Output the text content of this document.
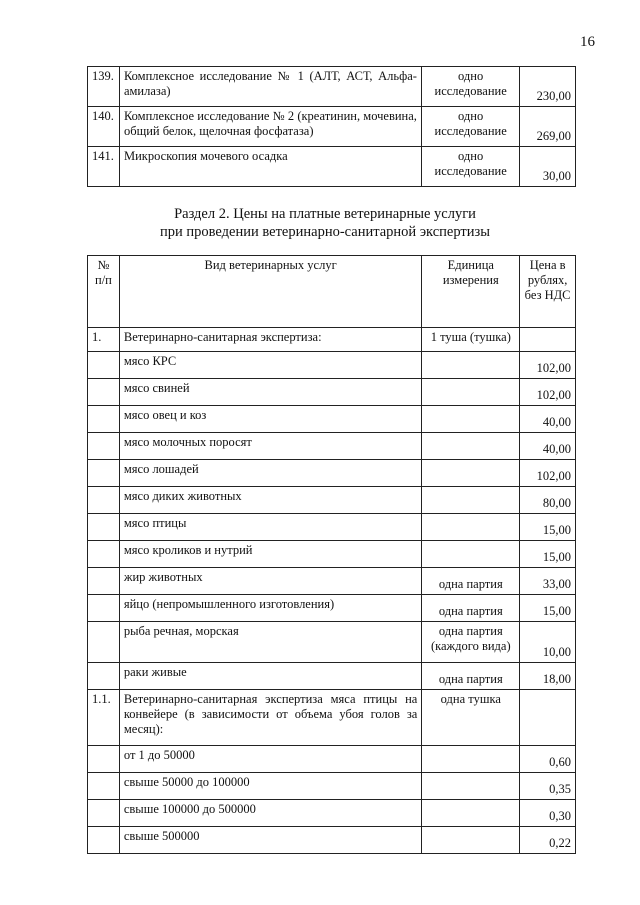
16
139.	Комплексное исследование № 1 (АЛТ, АСТ, Альфа-амилаза)	одно исследование	230,00
140.	Комплексное исследование № 2 (креатинин, мочевина, общий белок, щелочная фосфатаза)	одно исследование	269,00
141.	Микроскопия мочевого осадка	одно исследование	30,00
Раздел 2. Цены на платные ветеринарные услуги
при проведении ветеринарно-санитарной экспертизы
№ п/п	Вид ветеринарных услуг	Единица измерения	Цена в рублях, без НДС
1.	Ветеринарно-санитарная экспертиза:	1 туша (тушка)	
	мясо КРС		102,00
	мясо свиней		102,00
	мясо овец и коз		40,00
	мясо молочных поросят		40,00
	мясо лошадей		102,00
	мясо диких животных		80,00
	мясо птицы		15,00
	мясо кроликов и нутрий		15,00
	жир животных	одна партия	33,00
	яйцо (непромышленного изготовления)	одна партия	15,00
	рыба речная, морская	одна партия (каждого вида)	10,00
	раки живые	одна партия	18,00
1.1.	Ветеринарно-санитарная экспертиза мяса птицы на конвейере (в зависимости от объема убоя голов за месяц):	одна тушка	
	от 1 до 50000		0,60
	свыше 50000 до 100000		0,35
	свыше 100000 до 500000		0,30
	свыше 500000		0,22
